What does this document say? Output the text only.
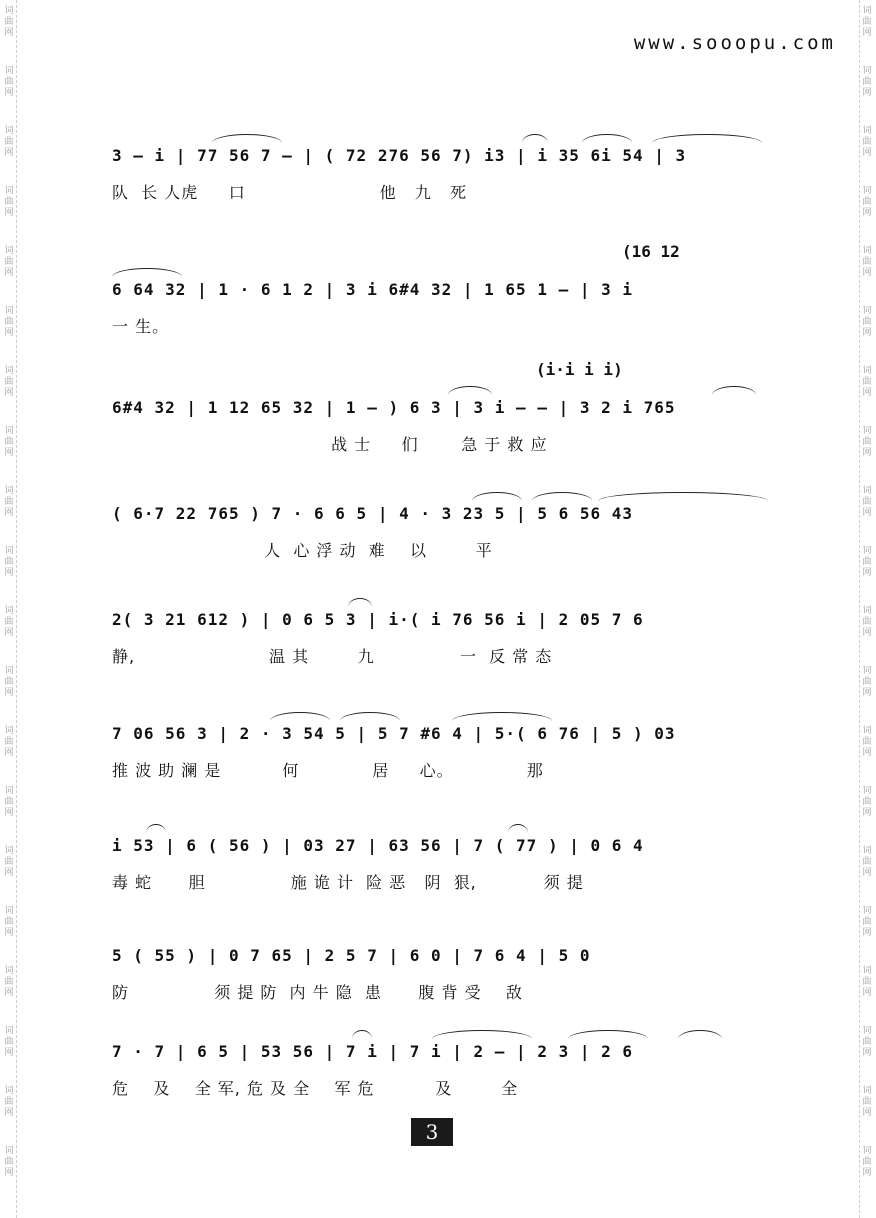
词
曲
网
词
曲
网
词
曲
网
词
曲
网
词
曲
网
词
曲
网
词
曲
网
词
曲
网
词
曲
网
词
曲
网
词
曲
网
词
曲
网
词
曲
网
词
曲
网
词
曲
网
词
曲
网
词
曲
网
词
曲
网
词
曲
网
词
曲
网
词
曲
网
词
曲
网
词
曲
网
词
曲
网
词
曲
网
词
曲
网
词
曲
网
词
曲
网
词
曲
网
词
曲
网
词
曲
网
词
曲
网
词
曲
网
词
曲
网
词
曲
网
词
曲
网
词
曲
网
词
曲
网
词
曲
网
词
曲
网
www.sooopu.com
3 – i | 77 56 7 – | ( 72 276 56 7) i3 | i 35 6i 54 | 3
队  长 人虎     口                      他   九   死
(16 12
6 64 32 | 1 · 6 1 2 | 3 i 6#4 32 | 1 65 1 — | 3 i
一 生。
(i·i i i)
6#4 32 | 1 12 65 32 | 1 – ) 6 3 | 3 i – – | 3 2 i 765
战 士     们       急 于 救 应
( 6·7 22 765 ) 7 · 6 6 5 | 4 · 3 23 5 | 5 6 56 43
人  心 浮 动  难    以        平
2( 3 21 612 ) | 0 6 5 3 | i·( i 76 56 i | 2 05 7 6
静,                      温 其        九              一  反 常 态
7 06 56 3 | 2 · 3 54 5 | 5 7 #6 4 | 5·( 6 76 | 5 ) 03
推 波 助 澜 是          何            居     心。            那
i 53 | 6 ( 56 ) | 03 27 | 63 56 | 7 ( 77 ) | 0 6 4
毒 蛇      胆              施 诡 计  险 恶   阴  狠,           须 提
5 ( 55 ) | 0 7 65 | 2 5 7 | 6 0 | 7 6 4 | 5 0
防              须 提 防  内 牛 隐  患      腹 背 受    敌
7 · 7 | 6 5 | 53 56 | 7 i | 7 i | 2 – | 2 3 | 2 6
危    及    全 军, 危 及 全    军 危          及        全
3
